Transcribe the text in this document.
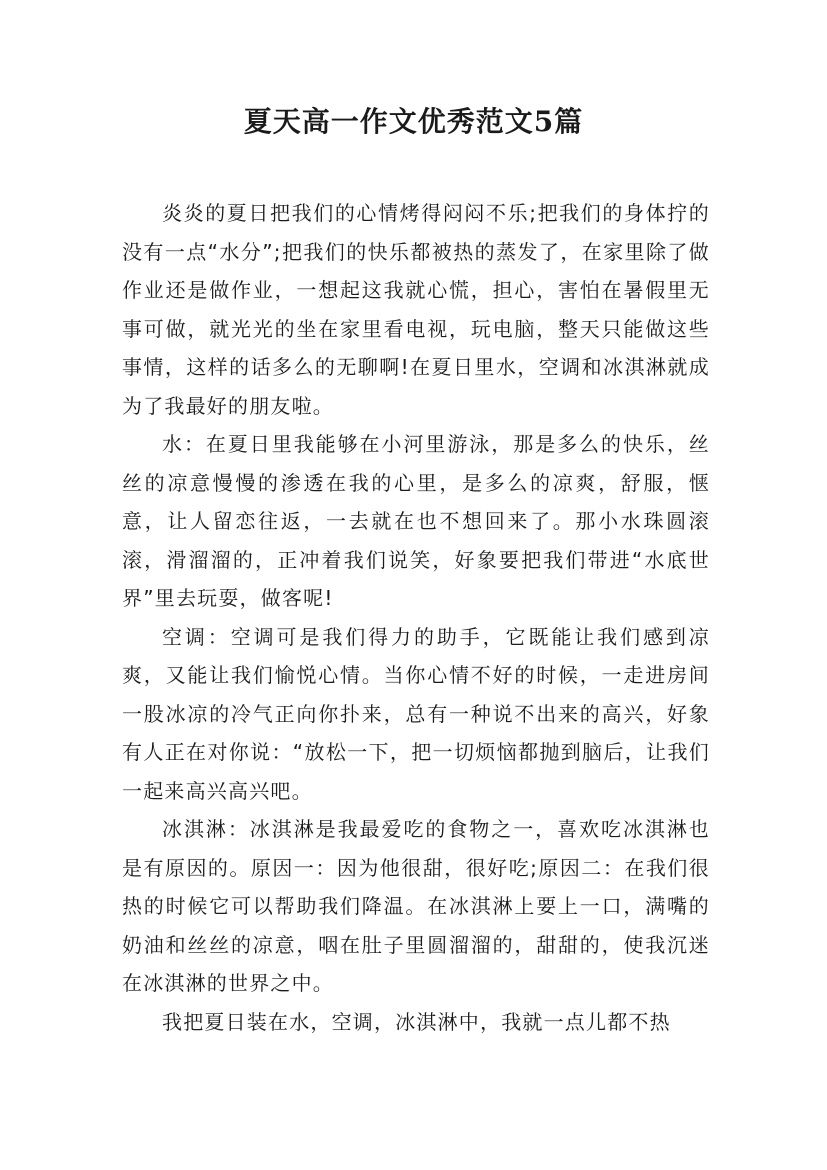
夏天高一作文优秀范文5篇

炎炎的夏日把我们的心情烤得闷闷不乐;把我们的身体拧的没有一点“水分”;把我们的快乐都被热的蒸发了，在家里除了做作业还是做作业，一想起这我就心慌，担心，害怕在暑假里无事可做，就光光的坐在家里看电视，玩电脑，整天只能做这些事情，这样的话多么的无聊啊!在夏日里水，空调和冰淇淋就成为了我最好的朋友啦。

水：在夏日里我能够在小河里游泳，那是多么的快乐，丝丝的凉意慢慢的渗透在我的心里，是多么的凉爽，舒服，惬意，让人留恋往返，一去就在也不想回来了。那小水珠圆滚滚，滑溜溜的，正冲着我们说笑，好象要把我们带进“水底世界”里去玩耍，做客呢!

空调：空调可是我们得力的助手，它既能让我们感到凉爽，又能让我们愉悦心情。当你心情不好的时候，一走进房间一股冰凉的冷气正向你扑来，总有一种说不出来的高兴，好象有人正在对你说：“放松一下，把一切烦恼都抛到脑后，让我们一起来高兴高兴吧。

冰淇淋：冰淇淋是我最爱吃的食物之一，喜欢吃冰淇淋也是有原因的。原因一：因为他很甜，很好吃;原因二：在我们很热的时候它可以帮助我们降温。在冰淇淋上要上一口，满嘴的奶油和丝丝的凉意，咽在肚子里圆溜溜的，甜甜的，使我沉迷在冰淇淋的世界之中。

我把夏日装在水，空调，冰淇淋中，我就一点儿都不热
